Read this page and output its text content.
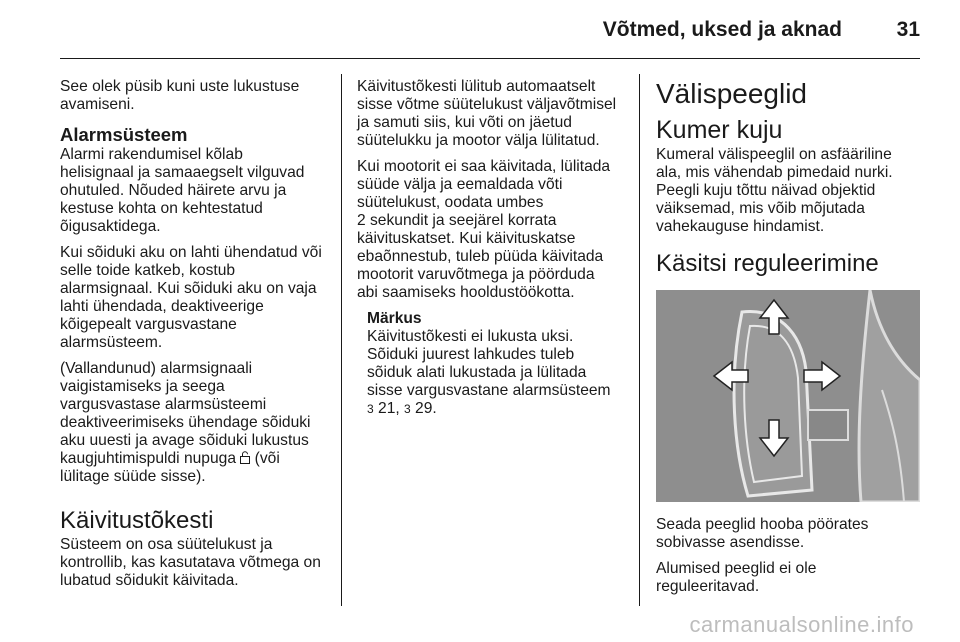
Võtmed, uksed ja aknad	31

See olek püsib kuni uste lukustuse
avamiseni.

Alarmsüsteem

Alarmi rakendumisel kõlab
helisignaal ja samaaegselt vilguvad
ohutuled. Nõuded häirete arvu ja
kestuse kohta on kehtestatud
õigusaktidega.

Kui sõiduki aku on lahti ühendatud või
selle toide katkeb, kostub
alarmsignaal. Kui sõiduki aku on vaja
lahti ühendada, deaktiveerige
kõigepealt vargusvastane
alarmsüsteem.

(Vallandunud) alarmsignaali
vaigistamiseks ja seega
vargusvastase alarmsüsteemi
deaktiveerimiseks ühendage sõiduki
aku uuesti ja avage sõiduki lukustus
kaugjuhtimispuldi nupuga  (või
lülitage süüde sisse).

Käivitustõkesti

Süsteem on osa süütelukust ja
kontrollib, kas kasutatava võtmega on
lubatud sõidukit käivitada.

Käivitustõkesti lülitub automaatselt
sisse võtme süütelukust väljavõtmisel
ja samuti siis, kui võti on jäetud
süütelukku ja mootor välja lülitatud.

Kui mootorit ei saa käivitada, lülitada
süüde välja ja eemaldada võti
süütelukust, oodata umbes
2 sekundit ja seejärel korrata
käivituskatset. Kui käivituskatse
ebaõnnestub, tuleb püüda käivitada
mootorit varuvõtmega ja pöörduda
abi saamiseks hooldustöökotta.

Märkus

Käivitustõkesti ei lukusta uksi.
Sõiduki juurest lahkudes tuleb
sõiduk alati lukustada ja lülitada
sisse vargusvastane alarmsüsteem
3 21, 3 29.

Välispeeglid

Kumer kuju

Kumeral välispeeglil on asfääriline
ala, mis vähendab pimedaid nurki.
Peegli kuju tõttu näivad objektid
väiksemad, mis võib mõjutada
vahekauguse hindamist.

Käsitsi reguleerimine

Seada peeglid hooba pöörates
sobivasse asendisse.

Alumised peeglid ei ole
reguleeritavad.

carmanualsonline.info
